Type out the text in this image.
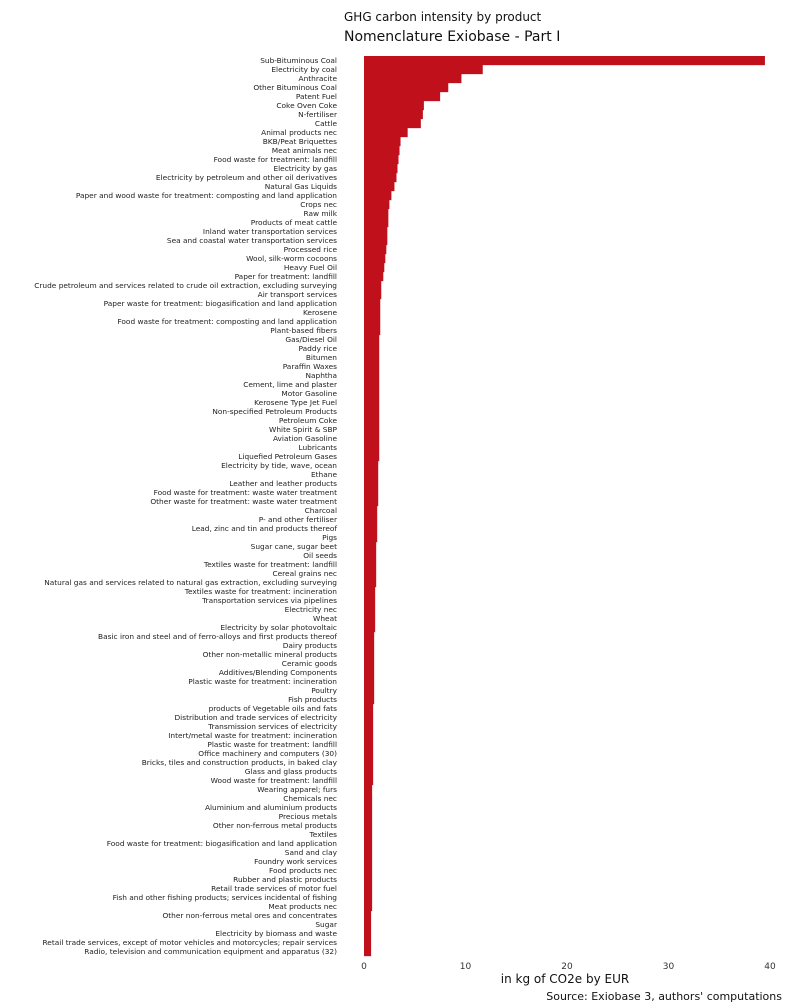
GHG carbon intensity by product
Nomenclature Exiobase - Part I
Sub-Bituminous Coal
Electricity by coal
Anthracite
Other Bituminous Coal
Patent Fuel
Coke Oven Coke
N-fertiliser
Cattle
Animal products nec
BKB/Peat Briquettes
Meat animals nec
Food waste for treatment: landfill
Electricity by gas
Electricity by petroleum and other oil derivatives
Natural Gas Liquids
Paper and wood waste for treatment: composting and land application
Crops nec
Raw milk
Products of meat cattle
Inland water transportation services
Sea and coastal water transportation services
Processed rice
Wool, silk-worm cocoons
Heavy Fuel Oil
Paper for treatment: landfill
Crude petroleum and services related to crude oil extraction, excluding surveying
Air transport services
Paper waste for treatment: biogasification and land application
Kerosene
Food waste for treatment: composting and land application
Plant-based fibers
Gas/Diesel Oil
Paddy rice
Bitumen
Paraffin Waxes
Naphtha
Cement, lime and plaster
Motor Gasoline
Kerosene Type Jet Fuel
Non-specified Petroleum Products
Petroleum Coke
White Spirit & SBP
Aviation Gasoline
Lubricants
Liquefied Petroleum Gases
Electricity by tide, wave, ocean
Ethane
Leather and leather products
Food waste for treatment: waste water treatment
Other waste for treatment: waste water treatment
Charcoal
P- and other fertiliser
Lead, zinc and tin and products thereof
Pigs
Sugar cane, sugar beet
Oil seeds
Textiles waste for treatment: landfill
Cereal grains nec
Natural gas and services related to natural gas extraction, excluding surveying
Textiles waste for treatment: incineration
Transportation services via pipelines
Electricity nec
Wheat
Electricity by solar photovoltaic
Basic iron and steel and of ferro-alloys and first products thereof
Dairy products
Other non-metallic mineral products
Ceramic goods
Additives/Blending Components
Plastic waste for treatment: incineration
Poultry
Fish products
products of Vegetable oils and fats
Distribution and trade services of electricity
Transmission services of electricity
Intert/metal waste for treatment: incineration
Plastic waste for treatment: landfill
Office machinery and computers (30)
Bricks, tiles and construction products, in baked clay
Glass and glass products
Wood waste for treatment: landfill
Wearing apparel; furs
Chemicals nec
Aluminium and aluminium products
Precious metals
Other non-ferrous metal products
Textiles
Food waste for treatment: biogasification and land application
Sand and clay
Foundry work services
Food products nec
Rubber and plastic products
Retail trade services of motor fuel
Fish and other fishing products; services incidental of fishing
Meat products nec
Other non-ferrous metal ores and concentrates
Sugar
Electricity by biomass and waste
Retail trade services, except of motor vehicles and motorcycles; repair services
Radio, television and communication equipment and apparatus (32)
0	10	20	30	40
in kg of CO2e by EUR
Source: Exiobase 3, authors' computations
